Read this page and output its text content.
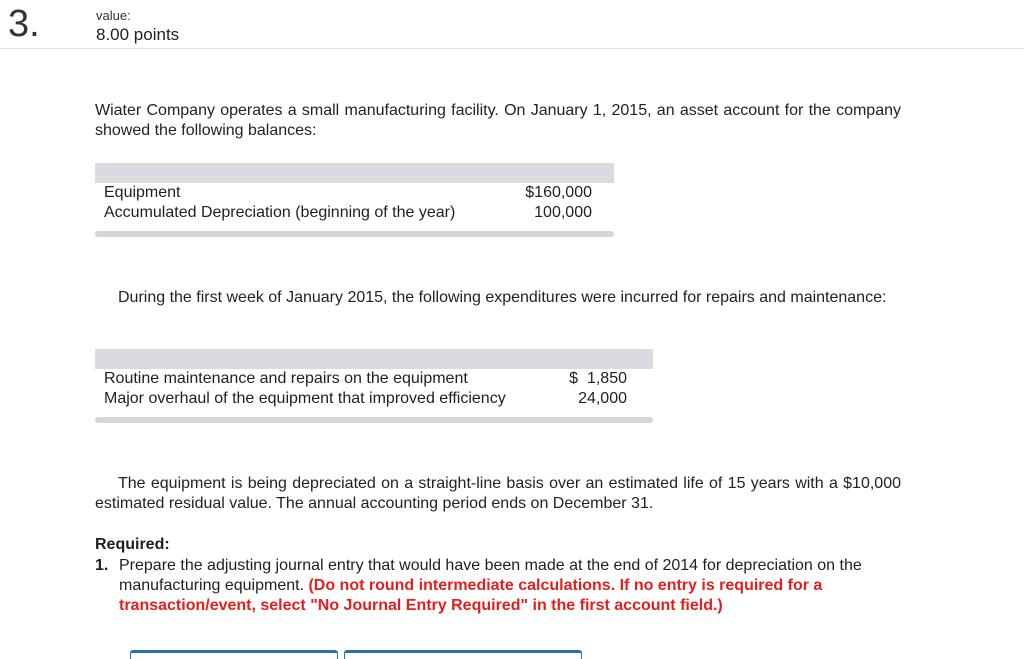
3.	value:
8.00 points
Wiater Company operates a small manufacturing facility. On January 1, 2015, an asset account for the company showed the following balances:
Equipment	$160,000
Accumulated Depreciation (beginning of the year)	100,000
During the first week of January 2015, the following expenditures were incurred for repairs and maintenance:
Routine maintenance and repairs on the equipment	$  1,850
Major overhaul of the equipment that improved efficiency	24,000
The equipment is being depreciated on a straight-line basis over an estimated life of 15 years with a $10,000 estimated residual value. The annual accounting period ends on December 31.
Required:
1. Prepare the adjusting journal entry that would have been made at the end of 2014 for depreciation on the manufacturing equipment. (Do not round intermediate calculations. If no entry is required for a transaction/event, select "No Journal Entry Required" in the first account field.)
